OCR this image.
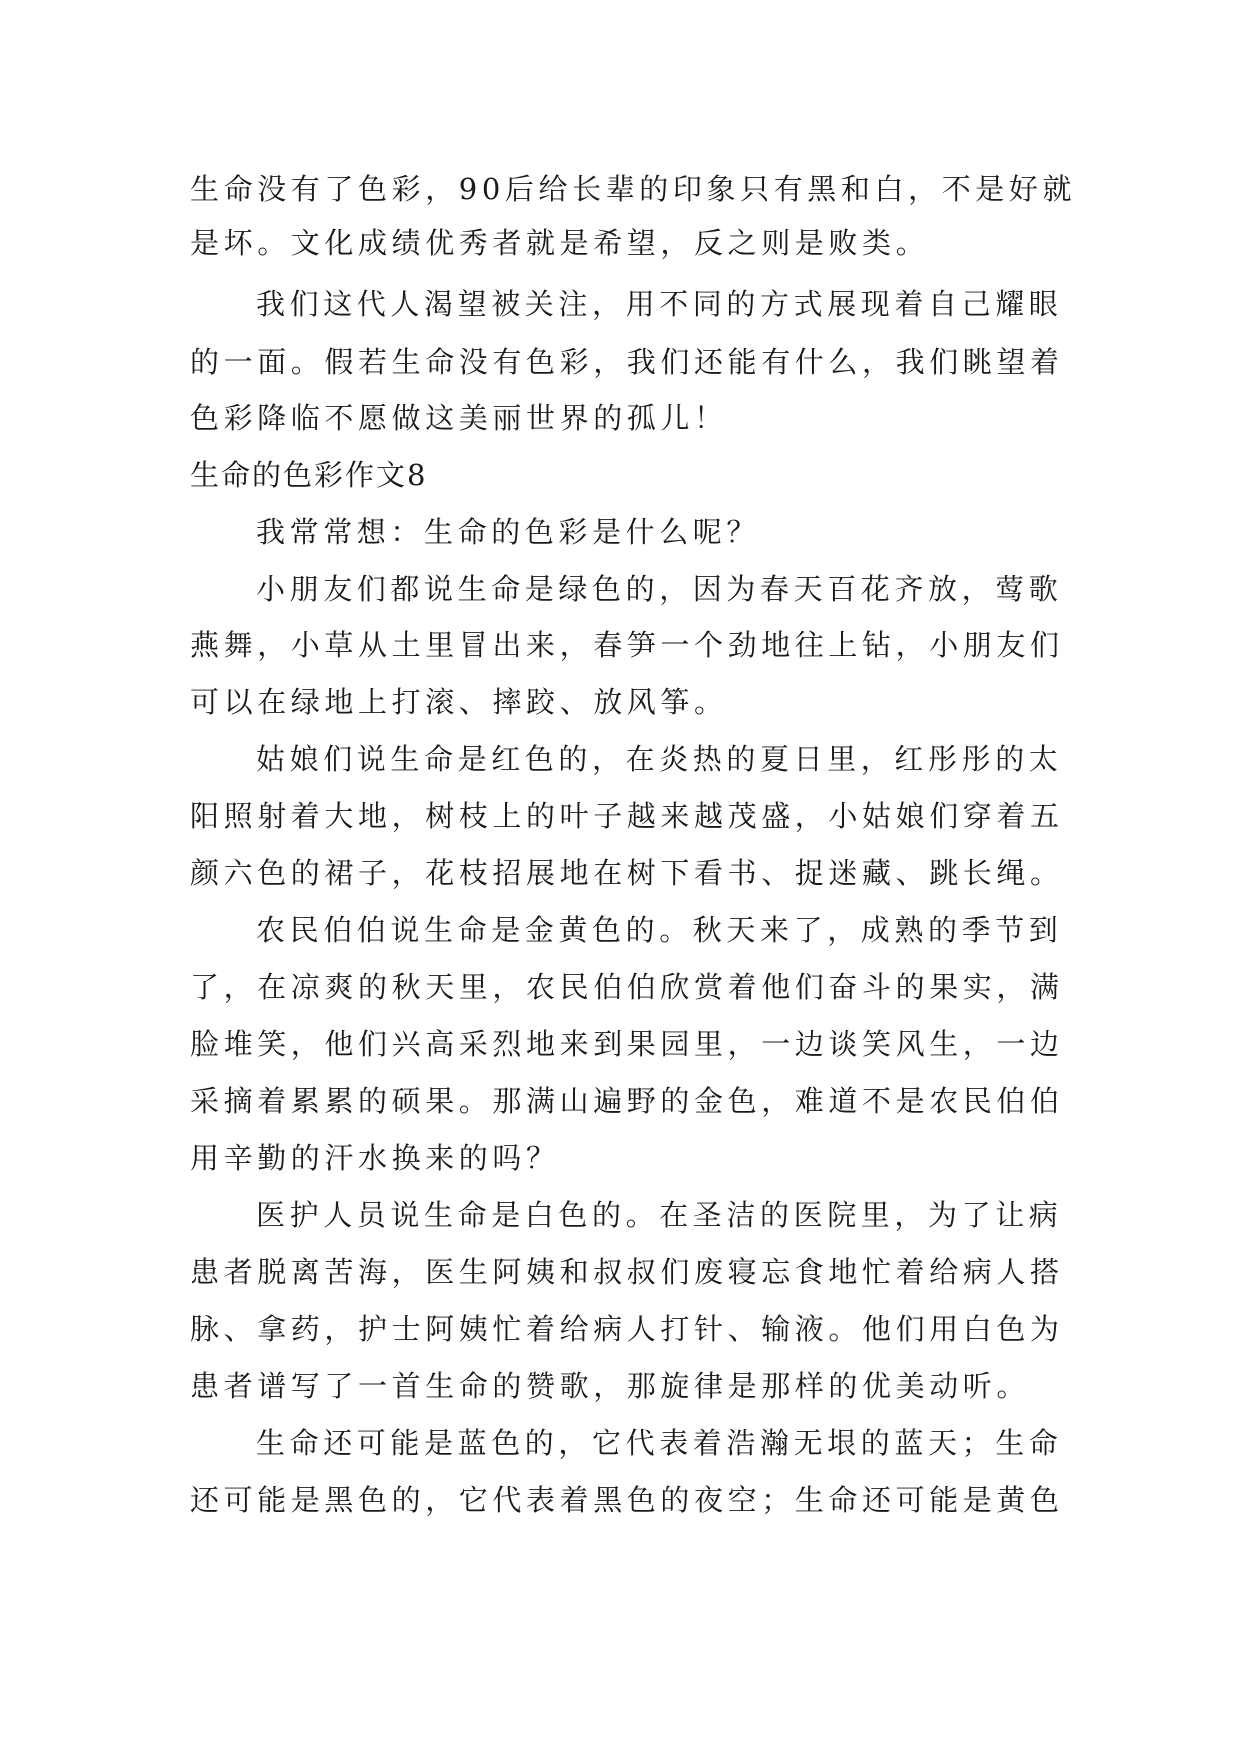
生命没有了色彩，90后给长辈的印象只有黑和白，不是好就
是坏。文化成绩优秀者就是希望，反之则是败类。
我们这代人渴望被关注，用不同的方式展现着自己耀眼
的一面。假若生命没有色彩，我们还能有什么，我们眺望着
色彩降临不愿做这美丽世界的孤儿！
生命的色彩作文8
我常常想：生命的色彩是什么呢？
小朋友们都说生命是绿色的，因为春天百花齐放，莺歌
燕舞，小草从土里冒出来，春笋一个劲地往上钻，小朋友们
可以在绿地上打滚、摔跤、放风筝。
姑娘们说生命是红色的，在炎热的夏日里，红彤彤的太
阳照射着大地，树枝上的叶子越来越茂盛，小姑娘们穿着五
颜六色的裙子，花枝招展地在树下看书、捉迷藏、跳长绳。
农民伯伯说生命是金黄色的。秋天来了，成熟的季节到
了，在凉爽的秋天里，农民伯伯欣赏着他们奋斗的果实，满
脸堆笑，他们兴高采烈地来到果园里，一边谈笑风生，一边
采摘着累累的硕果。那满山遍野的金色，难道不是农民伯伯
用辛勤的汗水换来的吗？
医护人员说生命是白色的。在圣洁的医院里，为了让病
患者脱离苦海，医生阿姨和叔叔们废寝忘食地忙着给病人搭
脉、拿药，护士阿姨忙着给病人打针、输液。他们用白色为
患者谱写了一首生命的赞歌，那旋律是那样的优美动听。
生命还可能是蓝色的，它代表着浩瀚无垠的蓝天；生命
还可能是黑色的，它代表着黑色的夜空；生命还可能是黄色
